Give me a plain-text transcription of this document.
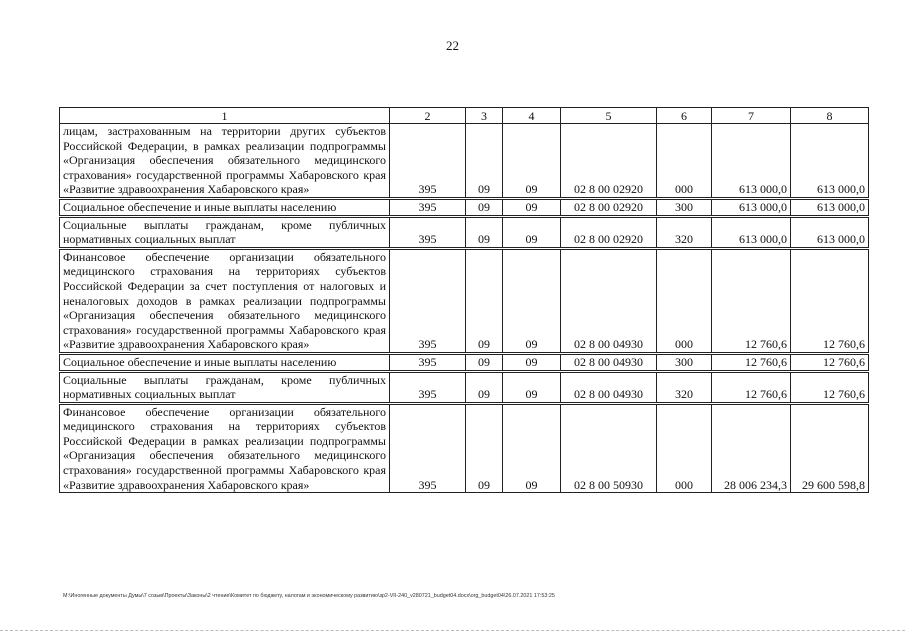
22
1	2	3	4	5	6	7	8
лицам, застрахованным на территории других субъектов Российской Федерации, в рамках реализации подпрограммы «Организация обеспечения обязательного медицинского страхования» государственной программы Хабаровского края «Развитие здравоохранения Хабаровского края»	395	09	09	02 8 00 02920	000	613 000,0	613 000,0
Социальное обеспечение и иные выплаты населению	395	09	09	02 8 00 02920	300	613 000,0	613 000,0
Социальные выплаты гражданам, кроме публичных нормативных социальных выплат	395	09	09	02 8 00 02920	320	613 000,0	613 000,0
Финансовое обеспечение организации обязательного медицинского страхования на территориях субъектов Российской Федерации за счет поступления от налоговых и неналоговых доходов в рамках реализации подпрограммы «Организация обеспечения обязательного медицинского страхования» государственной программы Хабаровского края «Развитие здравоохранения Хабаровского края»	395	09	09	02 8 00 04930	000	12 760,6	12 760,6
Социальное обеспечение и иные выплаты населению	395	09	09	02 8 00 04930	300	12 760,6	12 760,6
Социальные выплаты гражданам, кроме публичных нормативных социальных выплат	395	09	09	02 8 00 04930	320	12 760,6	12 760,6
Финансовое обеспечение организации обязательного медицинского страхования на территориях субъектов Российской Федерации в рамках реализации подпрограммы «Организация обеспечения обязательного медицинского страхования» государственной программы Хабаровского края «Развитие здравоохранения Хабаровского края»	395	09	09	02 8 00 50930	000	28 006 234,3	29 600 598,8
M:\Иногенные документы Думы\7 созыв\Проекты\Законы\2 чтение\Комитет по бюджету, налогам и экономическому развитию\зр2-VII-240_v280721_budget04.docx\org_budget04\26.07.2021 17:53:25
